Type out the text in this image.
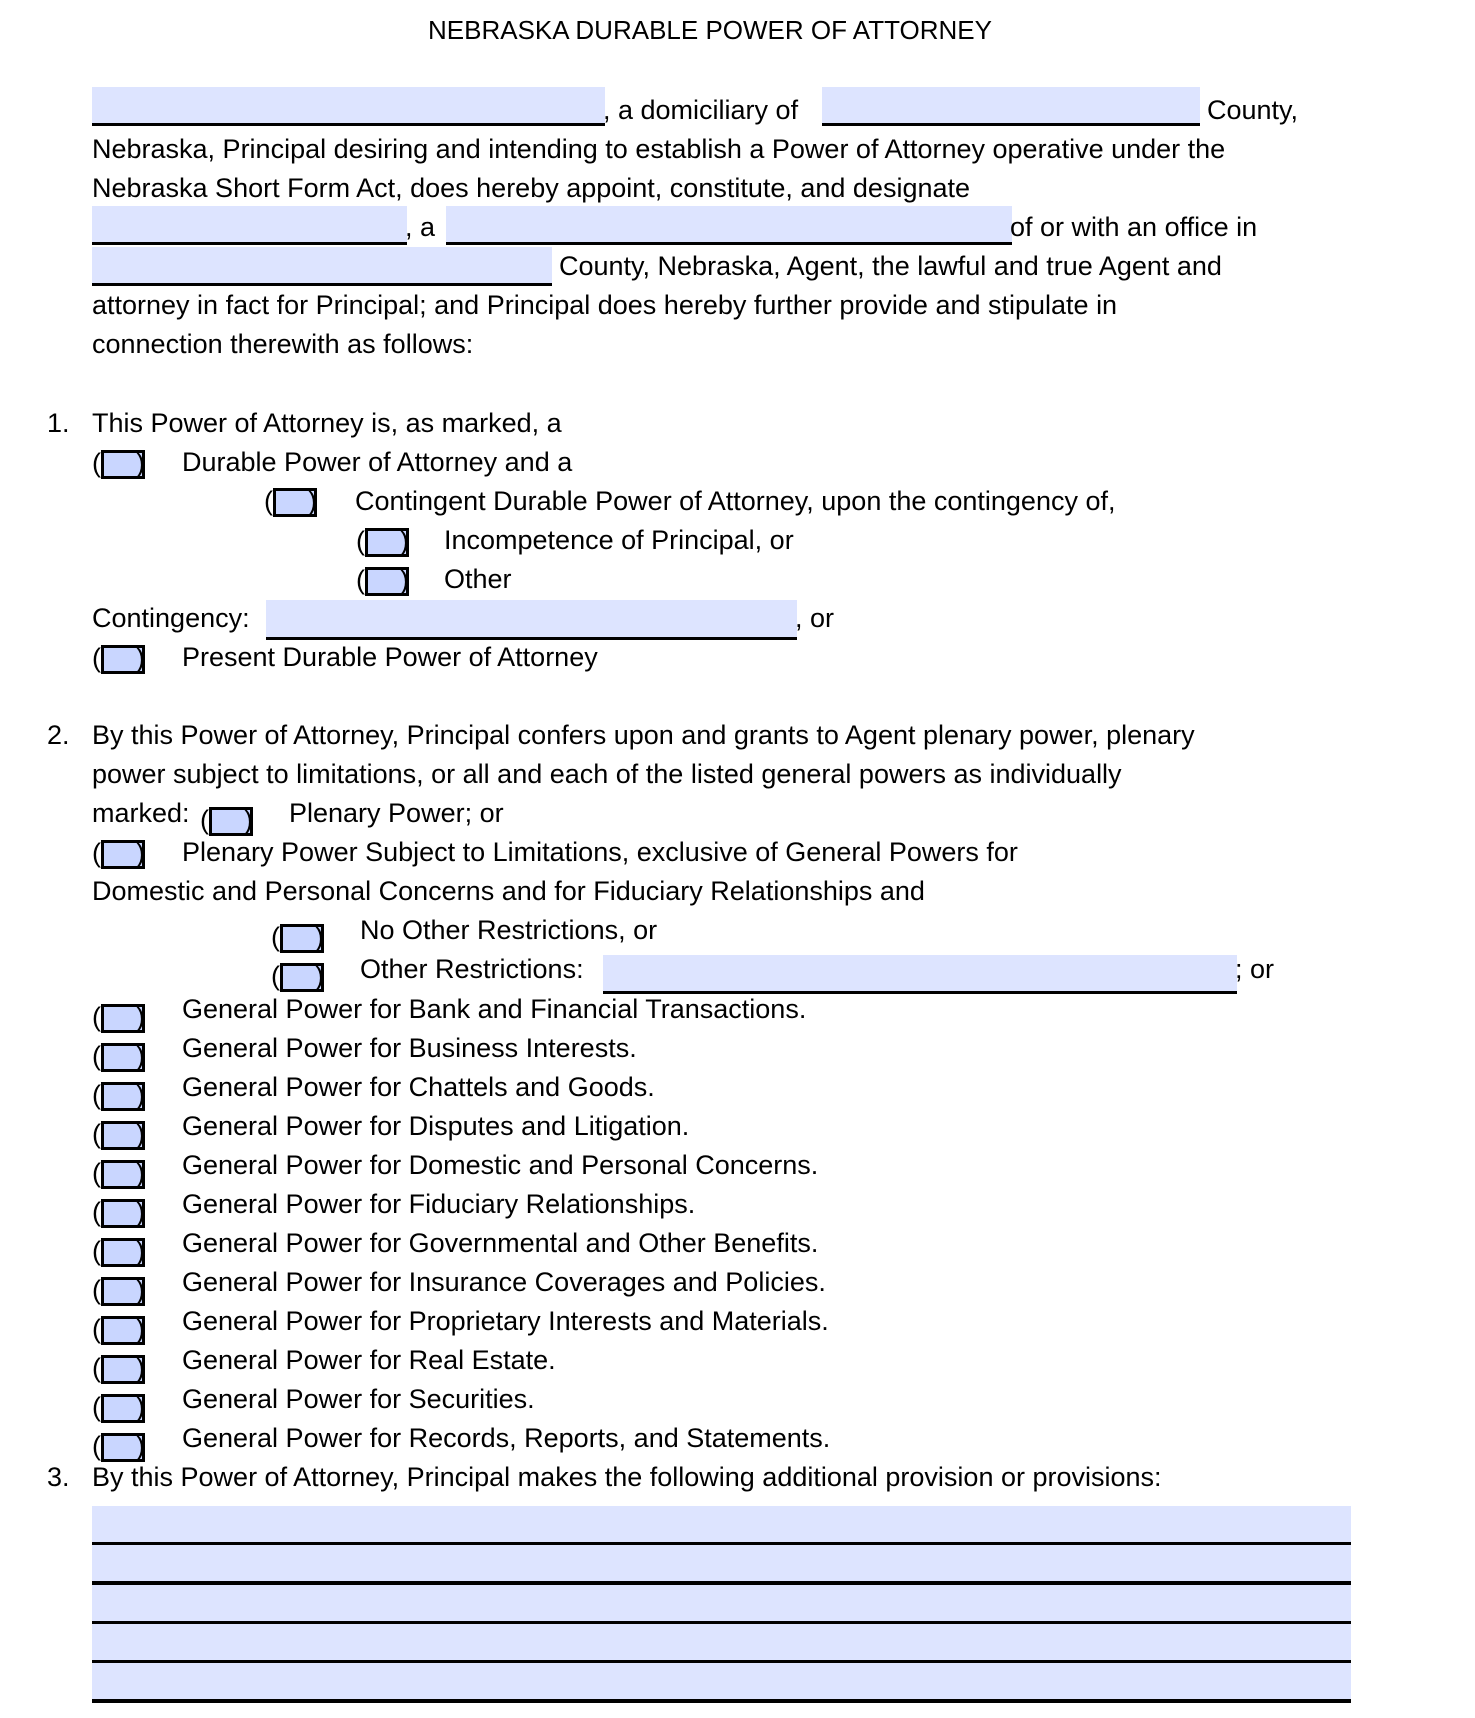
NEBRASKA DURABLE POWER OF ATTORNEY
, a domiciliary of	County,
Nebraska, Principal desiring and intending to establish a Power of Attorney operative under the
Nebraska Short Form Act, does hereby appoint, constitute, and designate
, a	of or with an office in
County, Nebraska, Agent, the lawful and true Agent and
attorney in fact for Principal; and Principal does hereby further provide and stipulate in
connection therewith as follows:
1. This Power of Attorney is, as marked, a
( ) Durable Power of Attorney and a
( ) Contingent Durable Power of Attorney, upon the contingency of,
( ) Incompetence of Principal, or
( ) Other
Contingency:	, or
( ) Present Durable Power of Attorney
2. By this Power of Attorney, Principal confers upon and grants to Agent plenary power, plenary
power subject to limitations, or all and each of the listed general powers as individually
marked: ( ) Plenary Power; or
( ) Plenary Power Subject to Limitations, exclusive of General Powers for
Domestic and Personal Concerns and for Fiduciary Relationships and
( ) No Other Restrictions, or
( ) Other Restrictions:	; or
( ) General Power for Bank and Financial Transactions.
( ) General Power for Business Interests.
( ) General Power for Chattels and Goods.
( ) General Power for Disputes and Litigation.
( ) General Power for Domestic and Personal Concerns.
( ) General Power for Fiduciary Relationships.
( ) General Power for Governmental and Other Benefits.
( ) General Power for Insurance Coverages and Policies.
( ) General Power for Proprietary Interests and Materials.
( ) General Power for Real Estate.
( ) General Power for Securities.
( ) General Power for Records, Reports, and Statements.
3. By this Power of Attorney, Principal makes the following additional provision or provisions:
